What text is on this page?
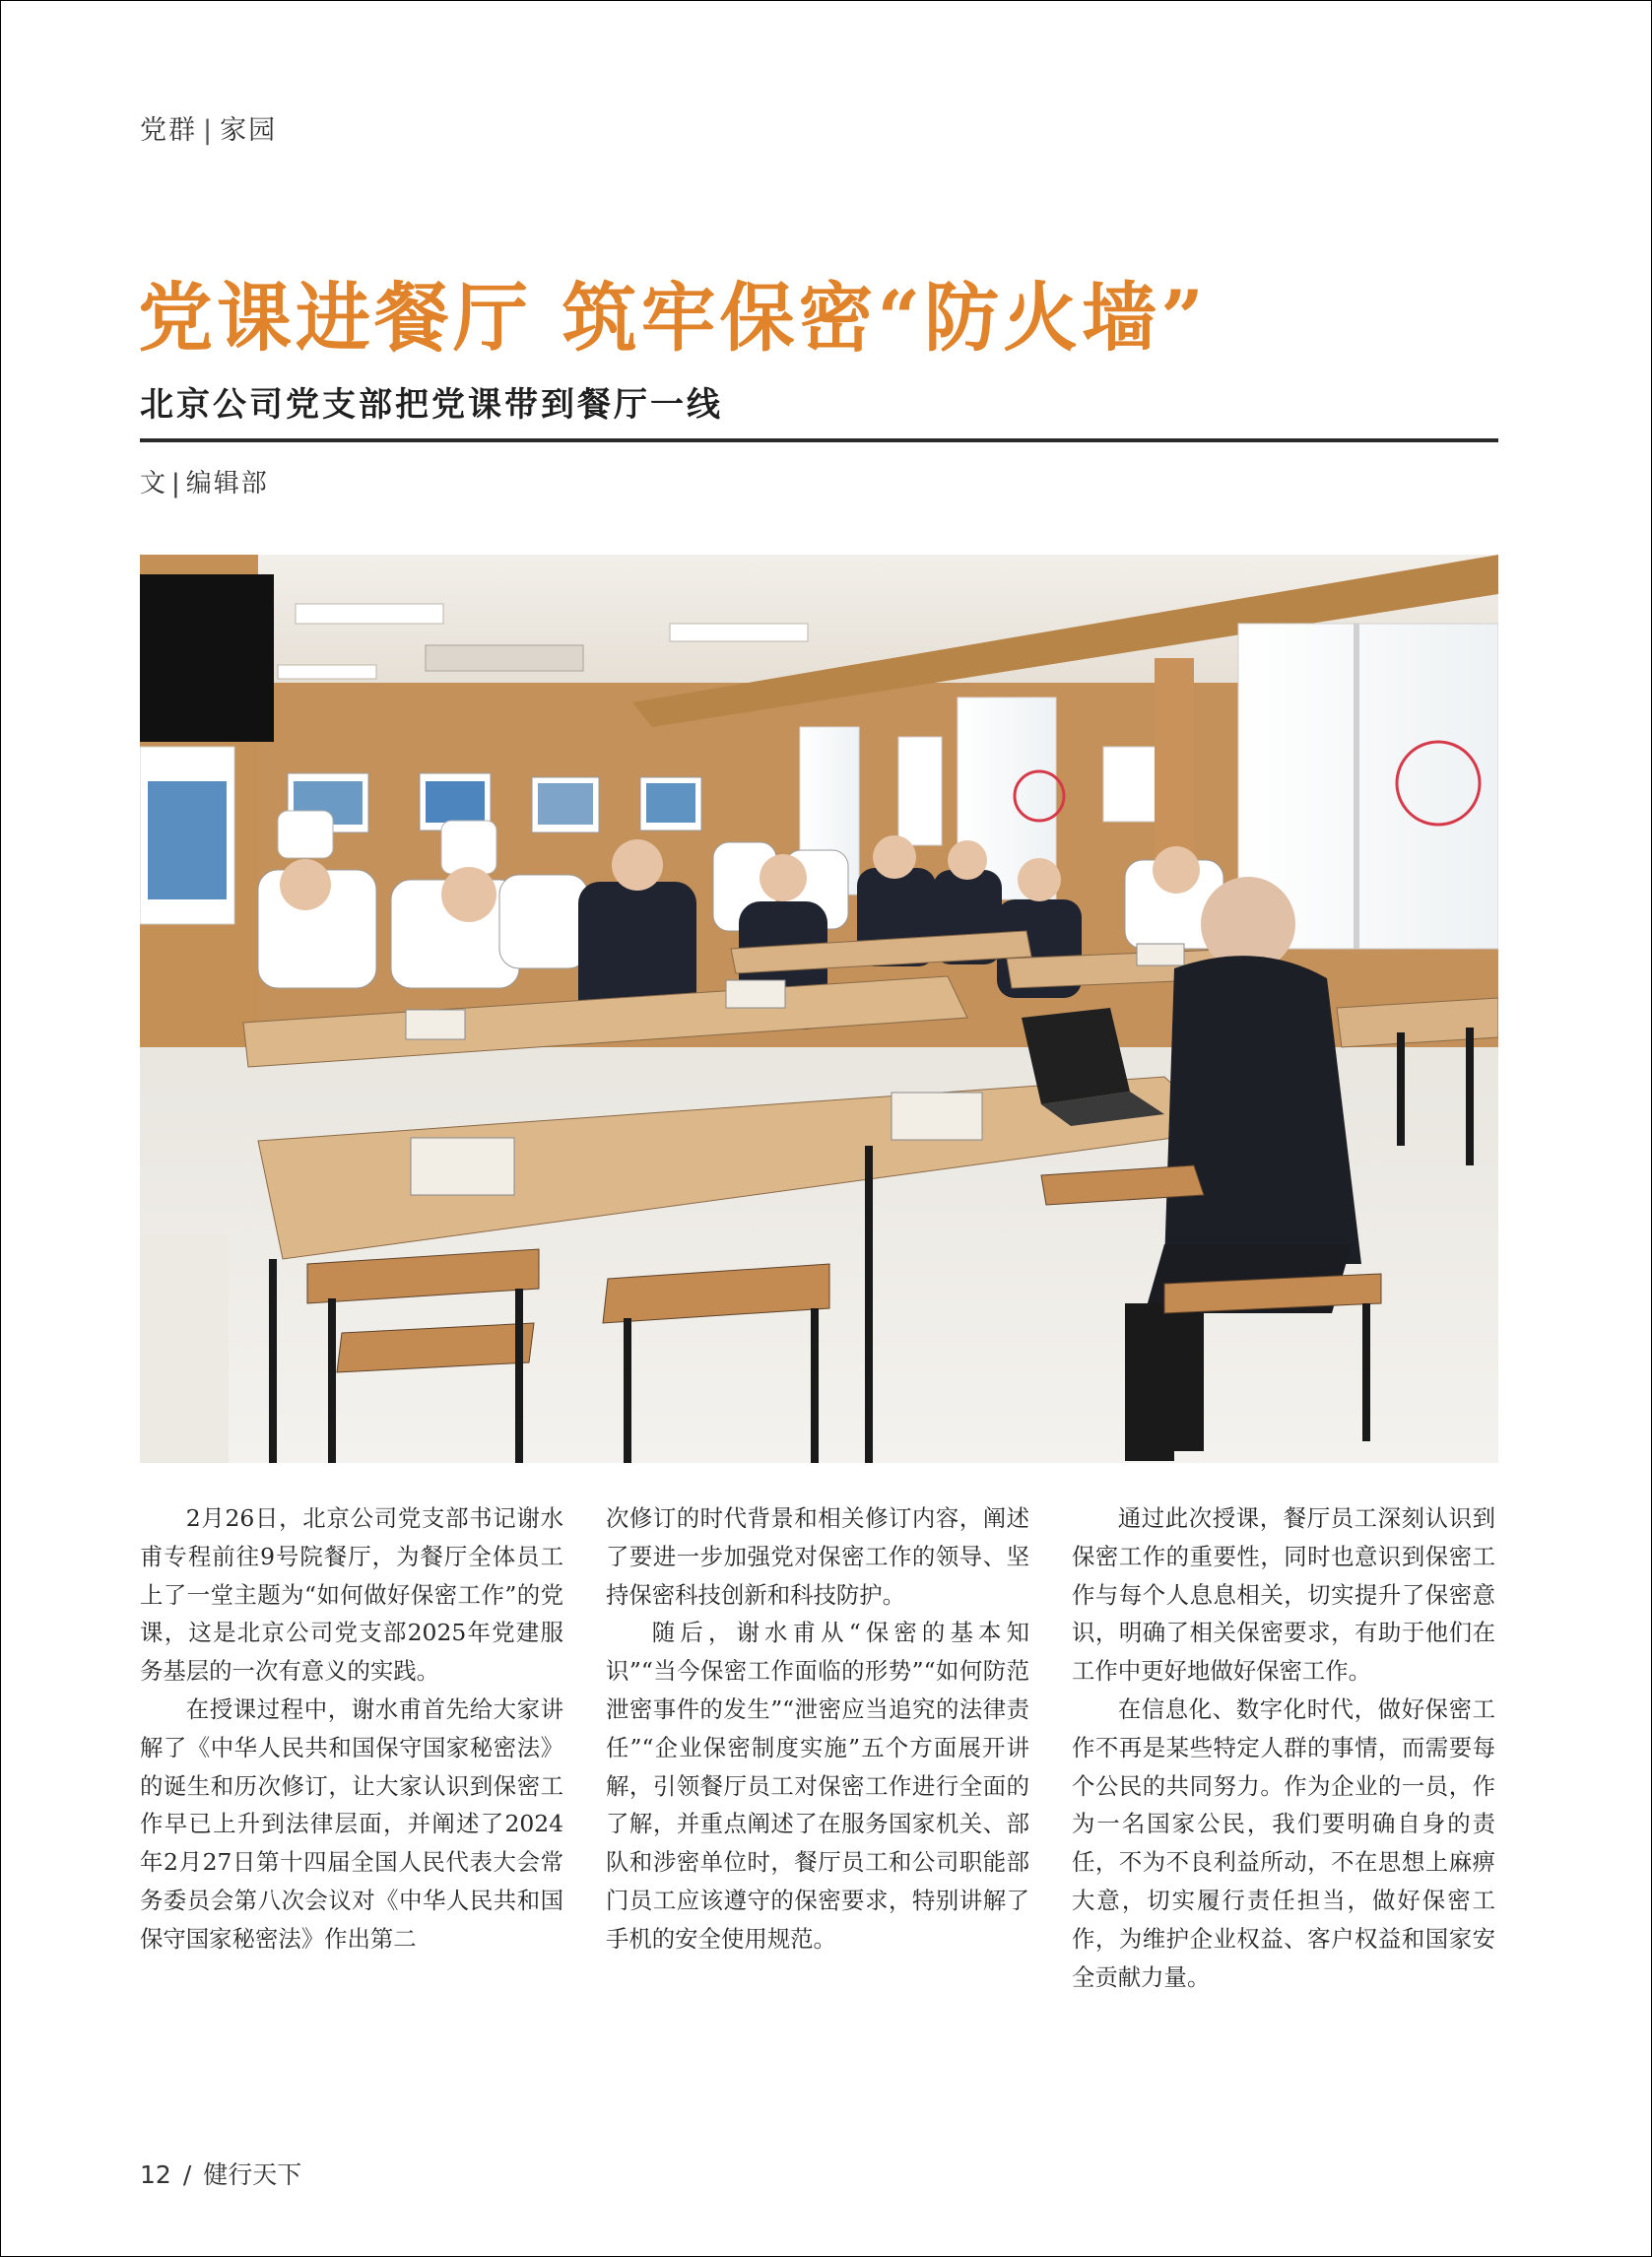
党群 | 家园
党课进餐厅 筑牢保密“防火墙”
北京公司党支部把党课带到餐厅一线
文 | 编辑部

2月26日，北京公司党支部书记谢水甫专程前往9号院餐厅，为餐厅全体员工上了一堂主题为“如何做好保密工作”的党课，这是北京公司党支部2025年党建服务基层的一次有意义的实践。

在授课过程中，谢水甫首先给大家讲解了《中华人民共和国保守国家秘密法》的诞生和历次修订，让大家认识到保密工作早已上升到法律层面，并阐述了2024年2月27日第十四届全国人民代表大会常务委员会第八次会议对《中华人民共和国保守国家秘密法》作出第二

次修订的时代背景和相关修订内容，阐述了要进一步加强党对保密工作的领导、坚持保密科技创新和科技防护。

随后，谢水甫从“保密的基本知识”“当今保密工作面临的形势”“如何防范泄密事件的发生”“泄密应当追究的法律责任”“企业保密制度实施”五个方面展开讲解，引领餐厅员工对保密工作进行全面的了解，并重点阐述了在服务国家机关、部队和涉密单位时，餐厅员工和公司职能部门员工应该遵守的保密要求，特别讲解了手机的安全使用规范。

通过此次授课，餐厅员工深刻认识到保密工作的重要性，同时也意识到保密工作与每个人息息相关，切实提升了保密意识，明确了相关保密要求，有助于他们在工作中更好地做好保密工作。

在信息化、数字化时代，做好保密工作不再是某些特定人群的事情，而需要每个公民的共同努力。作为企业的一员，作为一名国家公民，我们要明确自身的责任，不为不良利益所动，不在思想上麻痹大意，切实履行责任担当，做好保密工作，为维护企业权益、客户权益和国家安全贡献力量。

12 / 健行天下
